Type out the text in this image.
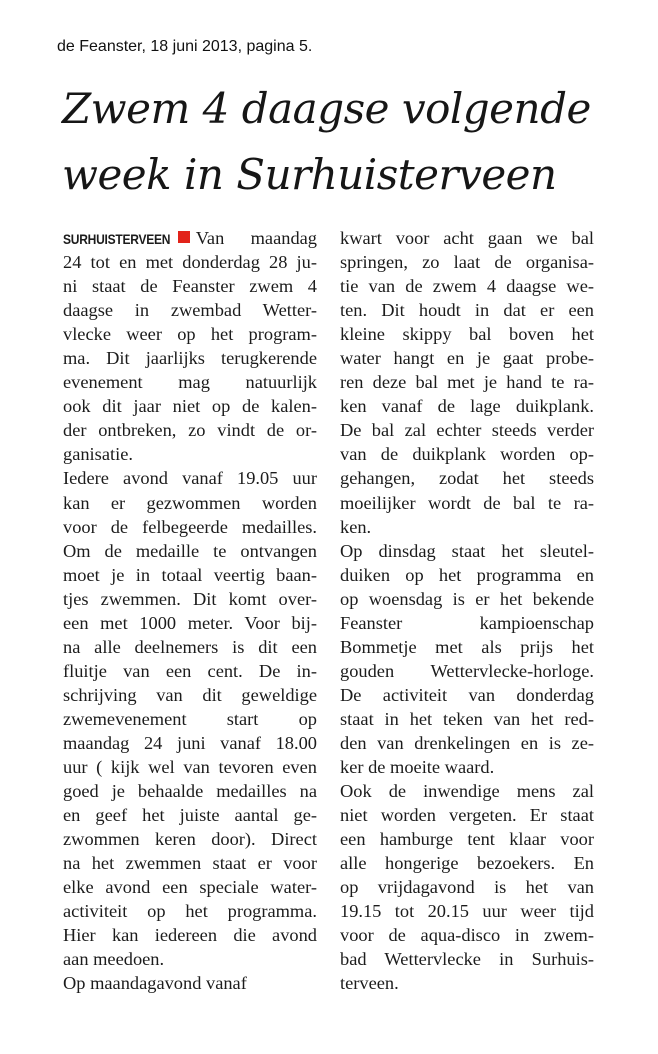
de Feanster, 18 juni 2013, pagina 5.
Zwem 4 daagse volgende
week in Surhuisterveen
SURHUISTERVEEN Van maandag
24 tot en met donderdag 28 ju-
ni staat de Feanster zwem 4
daagse in zwembad Wetter-
vlecke weer op het program-
ma. Dit jaarlijks terugkerende
evenement mag natuurlijk
ook dit jaar niet op de kalen-
der ontbreken, zo vindt de or-
ganisatie.
Iedere avond vanaf 19.05 uur
kan er gezwommen worden
voor de felbegeerde medailles.
Om de medaille te ontvangen
moet je in totaal veertig baan-
tjes zwemmen. Dit komt over-
een met 1000 meter. Voor bij-
na alle deelnemers is dit een
fluitje van een cent. De in-
schrijving van dit geweldige
zwemevenement start op
maandag 24 juni vanaf 18.00
uur ( kijk wel van tevoren even
goed je behaalde medailles na
en geef het juiste aantal ge-
zwommen keren door). Direct
na het zwemmen staat er voor
elke avond een speciale water-
activiteit op het programma.
Hier kan iedereen die avond
aan meedoen.
Op maandagavond vanaf
kwart voor acht gaan we bal
springen, zo laat de organisa-
tie van de zwem 4 daagse we-
ten. Dit houdt in dat er een
kleine skippy bal boven het
water hangt en je gaat probe-
ren deze bal met je hand te ra-
ken vanaf de lage duikplank.
De bal zal echter steeds verder
van de duikplank worden op-
gehangen, zodat het steeds
moeilijker wordt de bal te ra-
ken.
Op dinsdag staat het sleutel-
duiken op het programma en
op woensdag is er het bekende
Feanster kampioenschap
Bommetje met als prijs het
gouden Wettervlecke-horloge.
De activiteit van donderdag
staat in het teken van het red-
den van drenkelingen en is ze-
ker de moeite waard.
Ook de inwendige mens zal
niet worden vergeten. Er staat
een hamburge tent klaar voor
alle hongerige bezoekers. En
op vrijdagavond is het van
19.15 tot 20.15 uur weer tijd
voor de aqua-disco in zwem-
bad Wettervlecke in Surhuis-
terveen.
